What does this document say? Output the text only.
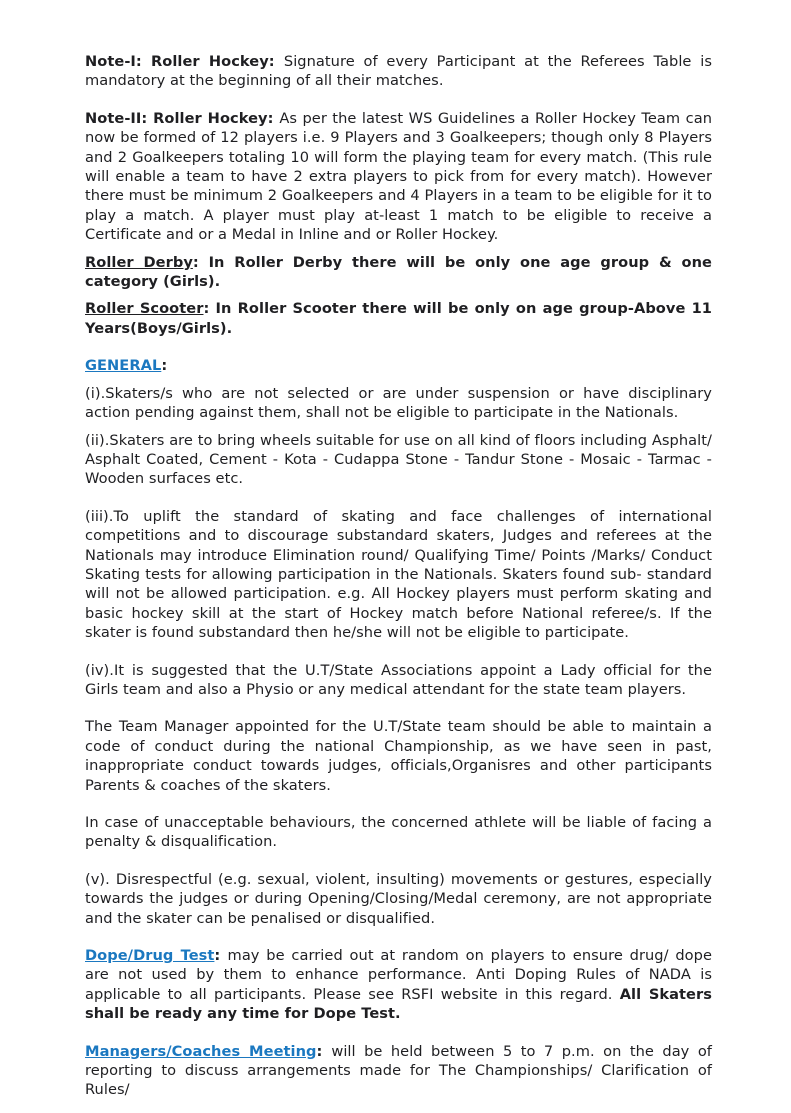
Note-I: Roller Hockey: Signature of every Participant at the Referees Table is mandatory at the beginning of all their matches.

Note-II: Roller Hockey: As per the latest WS Guidelines a Roller Hockey Team can now be formed of 12 players i.e. 9 Players and 3 Goalkeepers; though only 8 Players and 2 Goalkeepers totaling 10 will form the playing team for every match. (This rule will enable a team to have 2 extra players to pick from for every match). However there must be minimum 2 Goalkeepers and 4 Players in a team to be eligible for it to play a match. A player must play at-least 1 match to be eligible to receive a Certificate and or a Medal in Inline and or Roller Hockey.

Roller Derby: In Roller Derby there will be only one age group & one category (Girls).

Roller Scooter: In Roller Scooter there will be only on age group-Above 11 Years(Boys/Girls).

GENERAL:

(i).Skaters/s who are not selected or are under suspension or have disciplinary action pending against them, shall not be eligible to participate in the Nationals.

(ii).Skaters are to bring wheels suitable for use on all kind of floors including Asphalt/ Asphalt Coated, Cement - Kota - Cudappa Stone - Tandur Stone - Mosaic - Tarmac - Wooden surfaces etc.

(iii).To uplift the standard of skating and face challenges of international competitions and to discourage substandard skaters, Judges and referees at the Nationals may introduce Elimination round/ Qualifying Time/ Points /Marks/ Conduct Skating tests for allowing participation in the Nationals. Skaters found sub- standard will not be allowed participation. e.g. All Hockey players must perform skating and basic hockey skill at the start of Hockey match before National referee/s. If the skater is found substandard then he/she will not be eligible to participate.

(iv).It is suggested that the U.T/State Associations appoint a Lady official for the Girls team and also a Physio or any medical attendant for the state team players.

The Team Manager appointed for the U.T/State team should be able to maintain a code of conduct during the national Championship, as we have seen in past, inappropriate conduct towards judges, officials,Organisres and other participants Parents & coaches of the skaters.

In case of unacceptable behaviours, the concerned athlete will be liable of facing a penalty & disqualification.

(v). Disrespectful (e.g. sexual, violent, insulting) movements or gestures, especially towards the judges or during Opening/Closing/Medal ceremony, are not appropriate and the skater can be penalised or disqualified.

Dope/Drug Test: may be carried out at random on players to ensure drug/ dope are not used by them to enhance performance. Anti Doping Rules of NADA is applicable to all participants. Please see RSFI website in this regard. All Skaters shall be ready any time for Dope Test.

Managers/Coaches Meeting: will be held between 5 to 7 p.m. on the day of reporting to discuss arrangements made for The Championships/ Clarification of Rules/
